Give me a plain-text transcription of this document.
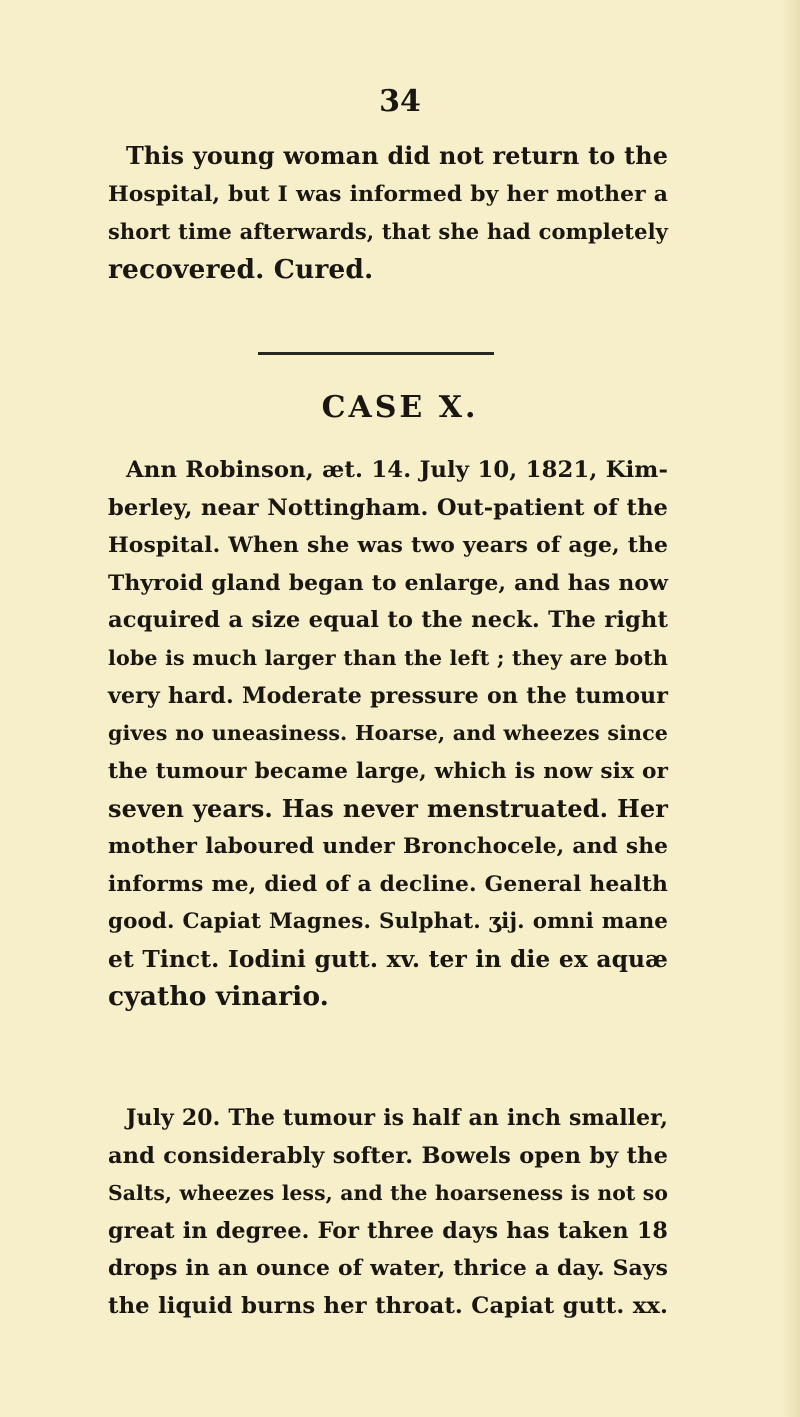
34
This young woman did not return to the
Hospital, but I was informed by her mother a
short time afterwards, that she had completely
recovered. Cured.
CASE X.
Ann Robinson, æt. 14. July 10, 1821, Kim-
berley, near Nottingham. Out-patient of the
Hospital. When she was two years of age, the
Thyroid gland began to enlarge, and has now
acquired a size equal to the neck. The right
lobe is much larger than the left ; they are both
very hard. Moderate pressure on the tumour
gives no uneasiness. Hoarse, and wheezes since
the tumour became large, which is now six or
seven years. Has never menstruated. Her
mother laboured under Bronchocele, and she
informs me, died of a decline. General health
good. Capiat Magnes. Sulphat. ʒij. omni mane
et Tinct. Iodini gutt. xv. ter in die ex aquæ
cyatho vinario.
July 20. The tumour is half an inch smaller,
and considerably softer. Bowels open by the
Salts, wheezes less, and the hoarseness is not so
great in degree. For three days has taken 18
drops in an ounce of water, thrice a day. Says
the liquid burns her throat. Capiat gutt. xx.
